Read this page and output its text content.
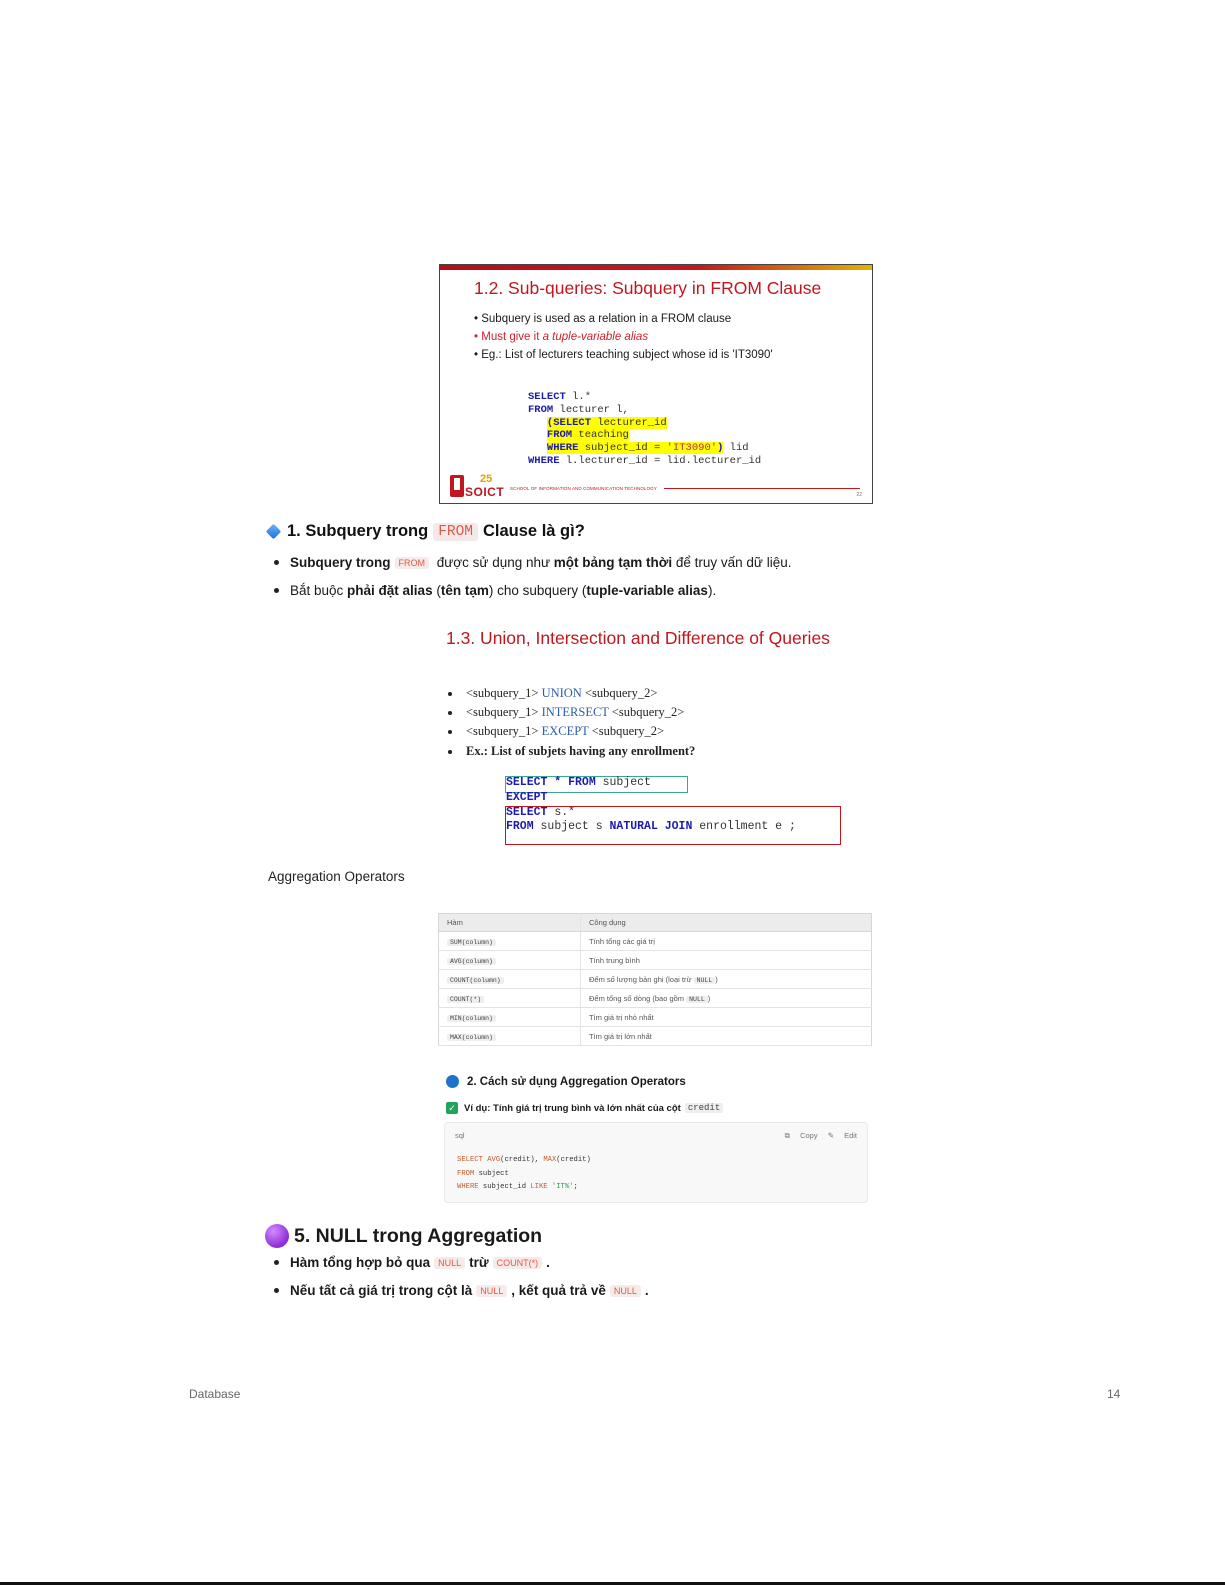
1.2. Sub-queries: Subquery in FROM Clause
• Subquery is used as a relation in a FROM clause
• Must give it a tuple-variable alias
• Eg.: List of lecturers teaching subject whose id is 'IT3090'
SELECT l.*
FROM lecturer l,
(SELECT lecturer_id
FROM teaching
WHERE subject_id = 'IT3090') lid
WHERE l.lecturer_id = lid.lecturer_id
25
SOICT SCHOOL OF INFORMATION AND COMMUNICATION TECHNOLOGY
22
1. Subquery trong FROM Clause là gì?
Subquery trong FROM được sử dụng như một bảng tạm thời để truy vấn dữ liệu.
Bắt buộc phải đặt alias ( tên tạm ) cho subquery ( tuple-variable alias ).
1.3. Union, Intersection and Difference of Queries
<subquery_1> UNION <subquery_2>
<subquery_1> INTERSECT <subquery_2>
<subquery_1> EXCEPT <subquery_2>
Ex.: List of subjets having any enrollment?
SELECT * FROM subject
EXCEPT
SELECT s.*
FROM subject s NATURAL JOIN enrollment e ;
Aggregation Operators
Hàm	Công dụng
SUM(column)	Tính tổng các giá trị
AVG(column)	Tính trung bình
COUNT(column)	Đếm số lượng bản ghi (loại trừ NULL )
COUNT(*)	Đếm tổng số dòng (bao gồm NULL )
MIN(column)	Tìm giá trị nhỏ nhất
MAX(column)	Tìm giá trị lớn nhất
2. Cách sử dụng Aggregation Operators
✓ Ví dụ: Tính giá trị trung bình và lớn nhất của cột credit
sql	⧉ Copy ✎ Edit
SELECT AVG(credit), MAX(credit)
FROM subject
WHERE subject_id LIKE 'IT%';
5. NULL trong Aggregation
Hàm tổng hợp bỏ qua NULL trừ COUNT(*) .
Nếu tất cả giá trị trong cột là NULL , kết quả trả về NULL .
Database	14
